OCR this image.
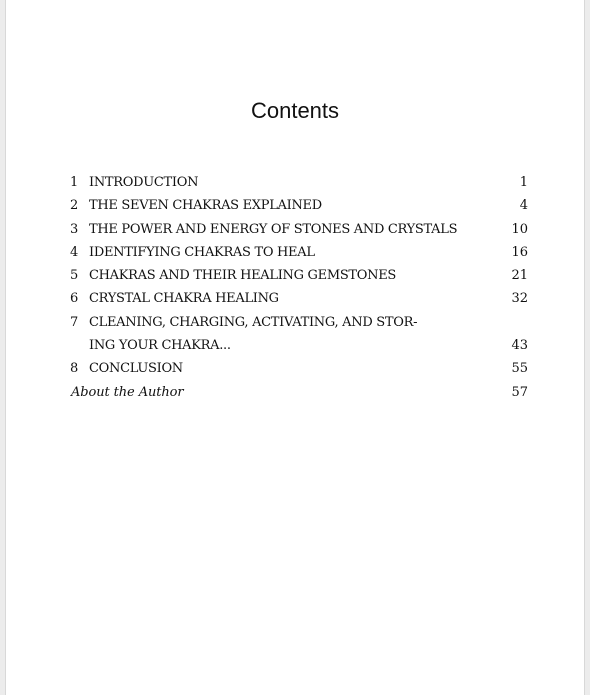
Contents
1 INTRODUCTION	1
2 THE SEVEN CHAKRAS EXPLAINED	4
3 THE POWER AND ENERGY OF STONES AND CRYSTALS	10
4 IDENTIFYING CHAKRAS TO HEAL	16
5 CHAKRAS AND THEIR HEALING GEMSTONES	21
6 CRYSTAL CHAKRA HEALING	32
7 CLEANING, CHARGING, ACTIVATING, AND STOR-
ING YOUR CHAKRA...	43
8 CONCLUSION	55
About the Author	57
